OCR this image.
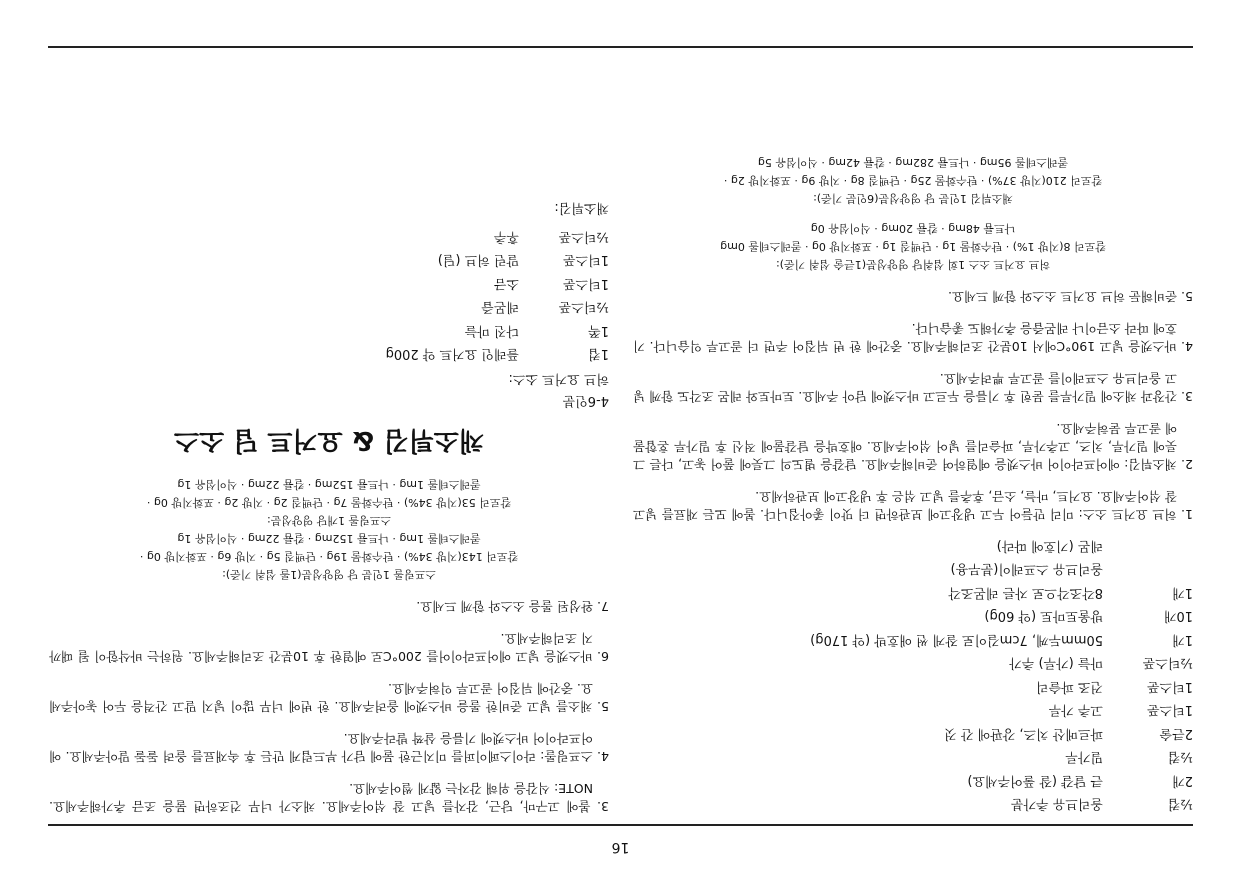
16
½컵
올리브유 추가분
2개
큰 달걀 (잘 풀어주세요)
½컵
밀가루
2큰술
파르메산 치즈, 강판에 간 것
1티스푼
고추 가루
1티스푼
건조 파슬리
½티스푼
마늘 (가루) 추가
1개
50mm두께, 7cm길이로 잘게 썬 애호박 (약 170g)
10개
방울토마토 (약 60g)
1개
8각조각으로 자른 레몬조각
올리브유 스프레이(분무용)
레몬 (기호에 따라)

1. 허브 요거트 소스: 미리 만들어 두고 냉장고에 보관하면 더 맛이 좋아집니다. 볼에 모든 재료를 넣고 잘 섞어주세요. 요거트, 마늘, 소금, 후추를 넣고 섞은 후 냉장고에 보관하세요.

2. 채소튀김: 에어프라이어 바스켓을 예열하여 준비해주세요. 달걀을 별도의 그릇에 풀어 놓고, 다른 그릇에 밀가루, 치즈, 고추가루, 파슬리를 넣어 섞어주세요. 애호박을 달걀물에 적신 후 밀가루 혼합물에 골고루 묻혀주세요.

3. 간장과 채소에 밀가루를 묻힌 후 기름을 두르고 바스켓에 담아 주세요. 토마토와 레몬 조각도 함께 넣고 올리브유 스프레이를 골고루 뿌려주세요.

4. 바스켓을 넣고 190°C에서 10분간 조리해주세요. 중간에 한 번 뒤집어 주면 더 골고루 익습니다. 기호에 따라 소금이나 레몬즙을 추가해도 좋습니다.

5. 준비해둔 허브 요거트 소스와 함께 드세요.

허브 요거트 소스 1회 섭취당 영양성분(1큰술 섭취 기준):
칼로리 8(지방 1%) · 탄수화물 1g · 단백질 1g · 포화지방 0g · 콜레스테롤 0mg
나트륨 48mg · 칼륨 20mg · 식이섬유 0g
채소튀김 1인분 당 영양성분(6인분 기준):
칼로리 210(지방 37%) · 탄수화물 25g · 단백질 8g · 지방 9g · 포화지방 2g ·
콜레스테롤 95mg · 나트륨 282mg · 칼륨 42mg · 식이섬유 5g

3. 볼에 고구마, 당근, 감자를 넣고 잘 섞어주세요. 채소가 너무 건조하면 물을 조금 추가해주세요. NOTE: 식감을 위해 감자는 얇게 썰어주세요.

4. 스프링롤: 라이스페이퍼를 미지근한 물에 담가 부드럽게 만든 후 속재료를 올려 돌돌 말아주세요. 에어프라이어 바스켓에 기름을 살짝 발라주세요.

5. 채소를 넣고 준비한 롤을 바스켓에 올려주세요. 한 번에 너무 많이 넣지 말고 간격을 두어 놓아주세요. 중간에 뒤집어 골고루 익혀주세요.

6. 바스켓을 넣고 에어프라이어를 200°C로 예열한 후 10분간 조리해주세요. 원하는 바삭함이 될 때까지 조리해주세요.

7. 완성된 롤을 소스와 함께 드세요.

스프링롤 1인분 당 영양성분(1롤 섭취 기준):
칼로리 143(지방 34%) · 탄수화물 19g · 단백질 5g · 지방 6g · 포화지방 0g ·
콜레스테롤 1mg · 나트륨 152mg · 칼륨 22mg · 식이섬유 1g
스프링롤 1개당 영양성분:
칼로리 53(지방 34%) · 탄수화물 7g · 단백질 2g · 지방 2g · 포화지방 0g ·
콜레스테롤 1mg · 나트륨 152mg · 칼륨 22mg · 식이섬유 1g
채소튀김 & 요거트 딥 소스
4-6인분
허브 요거트 소스:
1컵
플레인 요거트 약 200g
1쪽
다진 마늘
½티스푼
레몬즙
1티스푼
소금
1티스푼
말린 허브 (딜)
½티스푼
후추
채소튀김:
